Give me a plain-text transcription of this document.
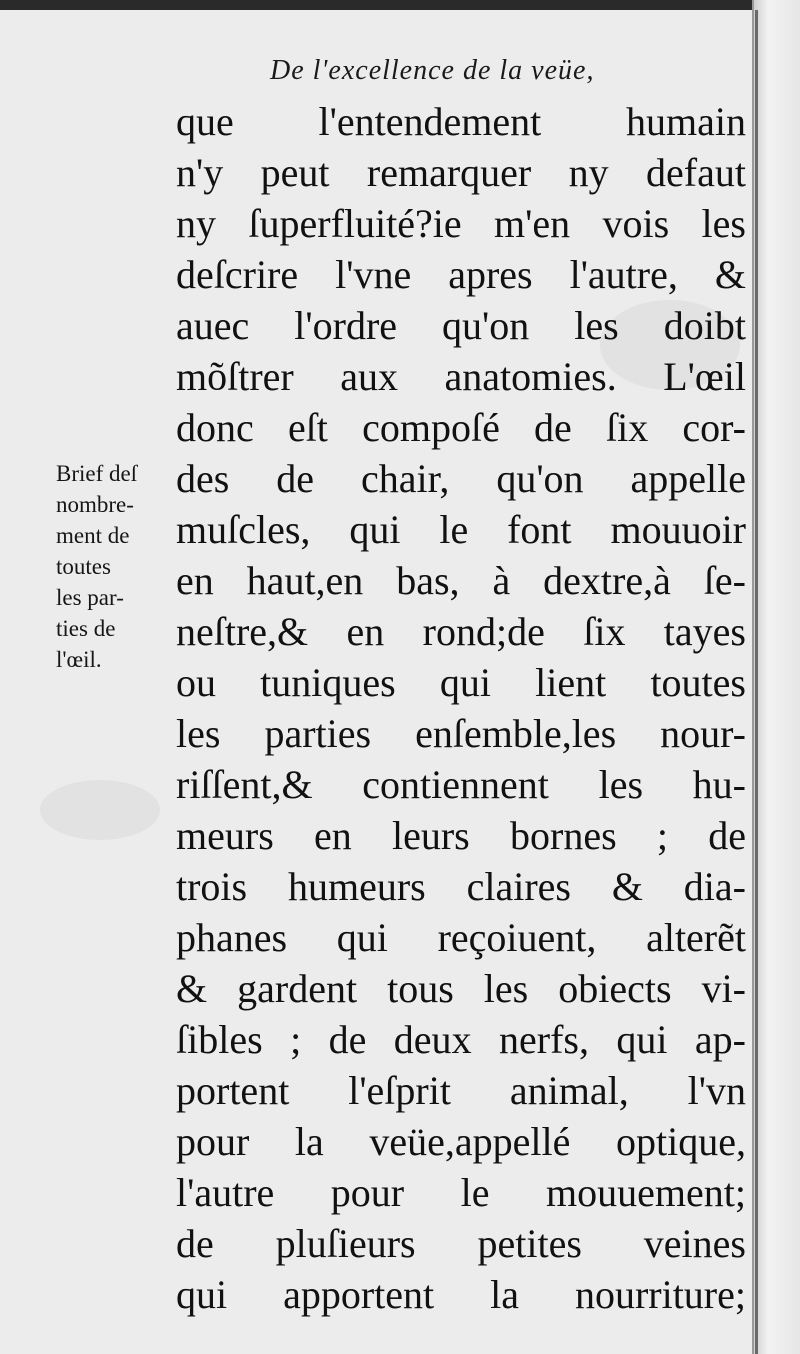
De l'excellence de la veüe,
que l'entendement humain
n'y peut remarquer ny defaut
ny ſuperfluité?ie m'en vois les
deſcrire l'vne apres l'autre, &
auec l'ordre qu'on les doibt
mõſtrer aux anatomies. L'œil
donc eſt compoſé de ſix cor-
des de chair, qu'on appelle
muſcles, qui le font mouuoir
en haut,en bas, à dextre,à ſe-
neſtre,& en rond;de ſix tayes
ou tuniques qui lient toutes
les parties enſemble,les nour-
riſſent,& contiennent les hu-
meurs en leurs bornes ; de
trois humeurs claires & dia-
phanes qui reçoiuent, alterẽt
& gardent tous les obiects vi-
ſibles ; de deux nerfs, qui ap-
portent l'eſprit animal, l'vn
pour la veüe,appellé optique,
l'autre pour le mouuement;
de pluſieurs petites veines
qui apportent la nourriture;
Brief deſ
nombre-
ment de
toutes
les par-
ties de
l'œil.
